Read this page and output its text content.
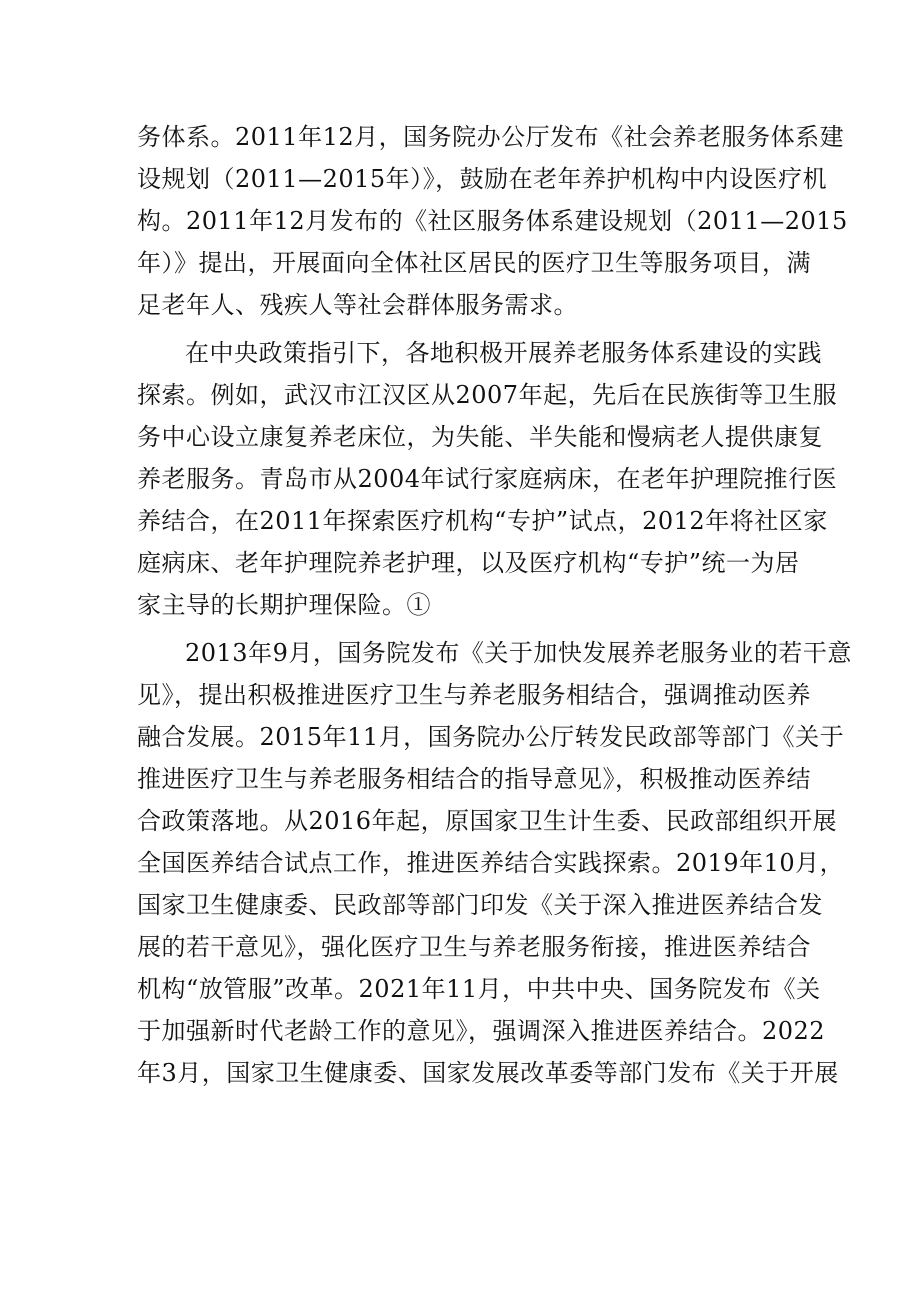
务体系。2011年12月，国务院办公厅发布《社会养老服务体系建
设规划（2011—2015年）》，鼓励在老年养护机构中内设医疗机
构。2011年12月发布的《社区服务体系建设规划（2011—2015
年）》提出，开展面向全体社区居民的医疗卫生等服务项目，满
足老年人、残疾人等社会群体服务需求。
在中央政策指引下，各地积极开展养老服务体系建设的实践
探索。例如，武汉市江汉区从2007年起，先后在民族街等卫生服
务中心设立康复养老床位，为失能、半失能和慢病老人提供康复
养老服务。青岛市从2004年试行家庭病床，在老年护理院推行医
养结合，在2011年探索医疗机构“专护”试点，2012年将社区家
庭病床、老年护理院养老护理，以及医疗机构“专护”统一为居
家主导的长期护理保险。①
2013年9月，国务院发布《关于加快发展养老服务业的若干意
见》，提出积极推进医疗卫生与养老服务相结合，强调推动医养
融合发展。2015年11月，国务院办公厅转发民政部等部门《关于
推进医疗卫生与养老服务相结合的指导意见》，积极推动医养结
合政策落地。从2016年起，原国家卫生计生委、民政部组织开展
全国医养结合试点工作，推进医养结合实践探索。2019年10月，
国家卫生健康委、民政部等部门印发《关于深入推进医养结合发
展的若干意见》，强化医疗卫生与养老服务衔接，推进医养结合
机构“放管服”改革。2021年11月，中共中央、国务院发布《关
于加强新时代老龄工作的意见》，强调深入推进医养结合。2022
年3月，国家卫生健康委、国家发展改革委等部门发布《关于开展
